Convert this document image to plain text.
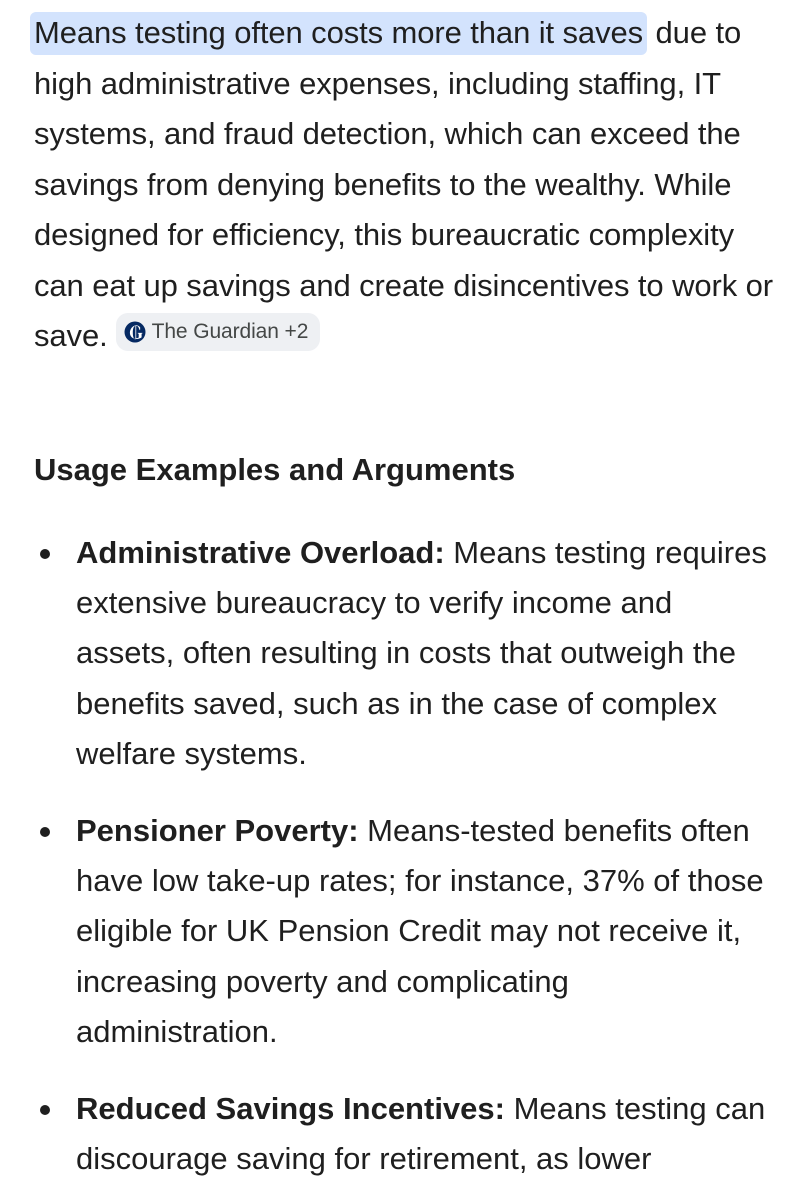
Means testing often costs more than it saves due to high administrative expenses, including staffing, IT systems, and fraud detection, which can exceed the savings from denying benefits to the wealthy. While designed for efficiency, this bureaucratic complexity can eat up savings and create disincentives to work or save. The Guardian +2

Usage Examples and Arguments
Administrative Overload: Means testing requires extensive bureaucracy to verify income and assets, often resulting in costs that outweigh the benefits saved, such as in the case of complex welfare systems.
Pensioner Poverty: Means-tested benefits often have low take-up rates; for instance, 37% of those eligible for UK Pension Credit may not receive it, increasing poverty and complicating administration.
Reduced Savings Incentives: Means testing can discourage saving for retirement, as lower
